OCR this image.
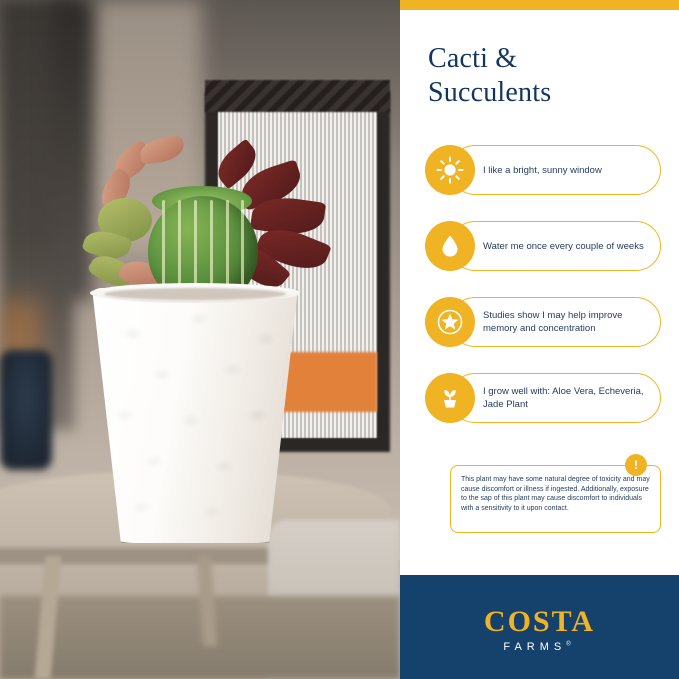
Cacti &
Succulents
I like a bright, sunny window
Water me once every couple of weeks
Studies show I may help improve memory and concentration
I grow well with: Aloe Vera, Echeveria, Jade Plant

This plant may have some natural degree of toxicity and may cause discomfort or illness if ingested. Additionally, exposure to the sap of this plant may cause discomfort to individuals with a sensitivity to it upon contact.

!
COSTA
FARMS®
